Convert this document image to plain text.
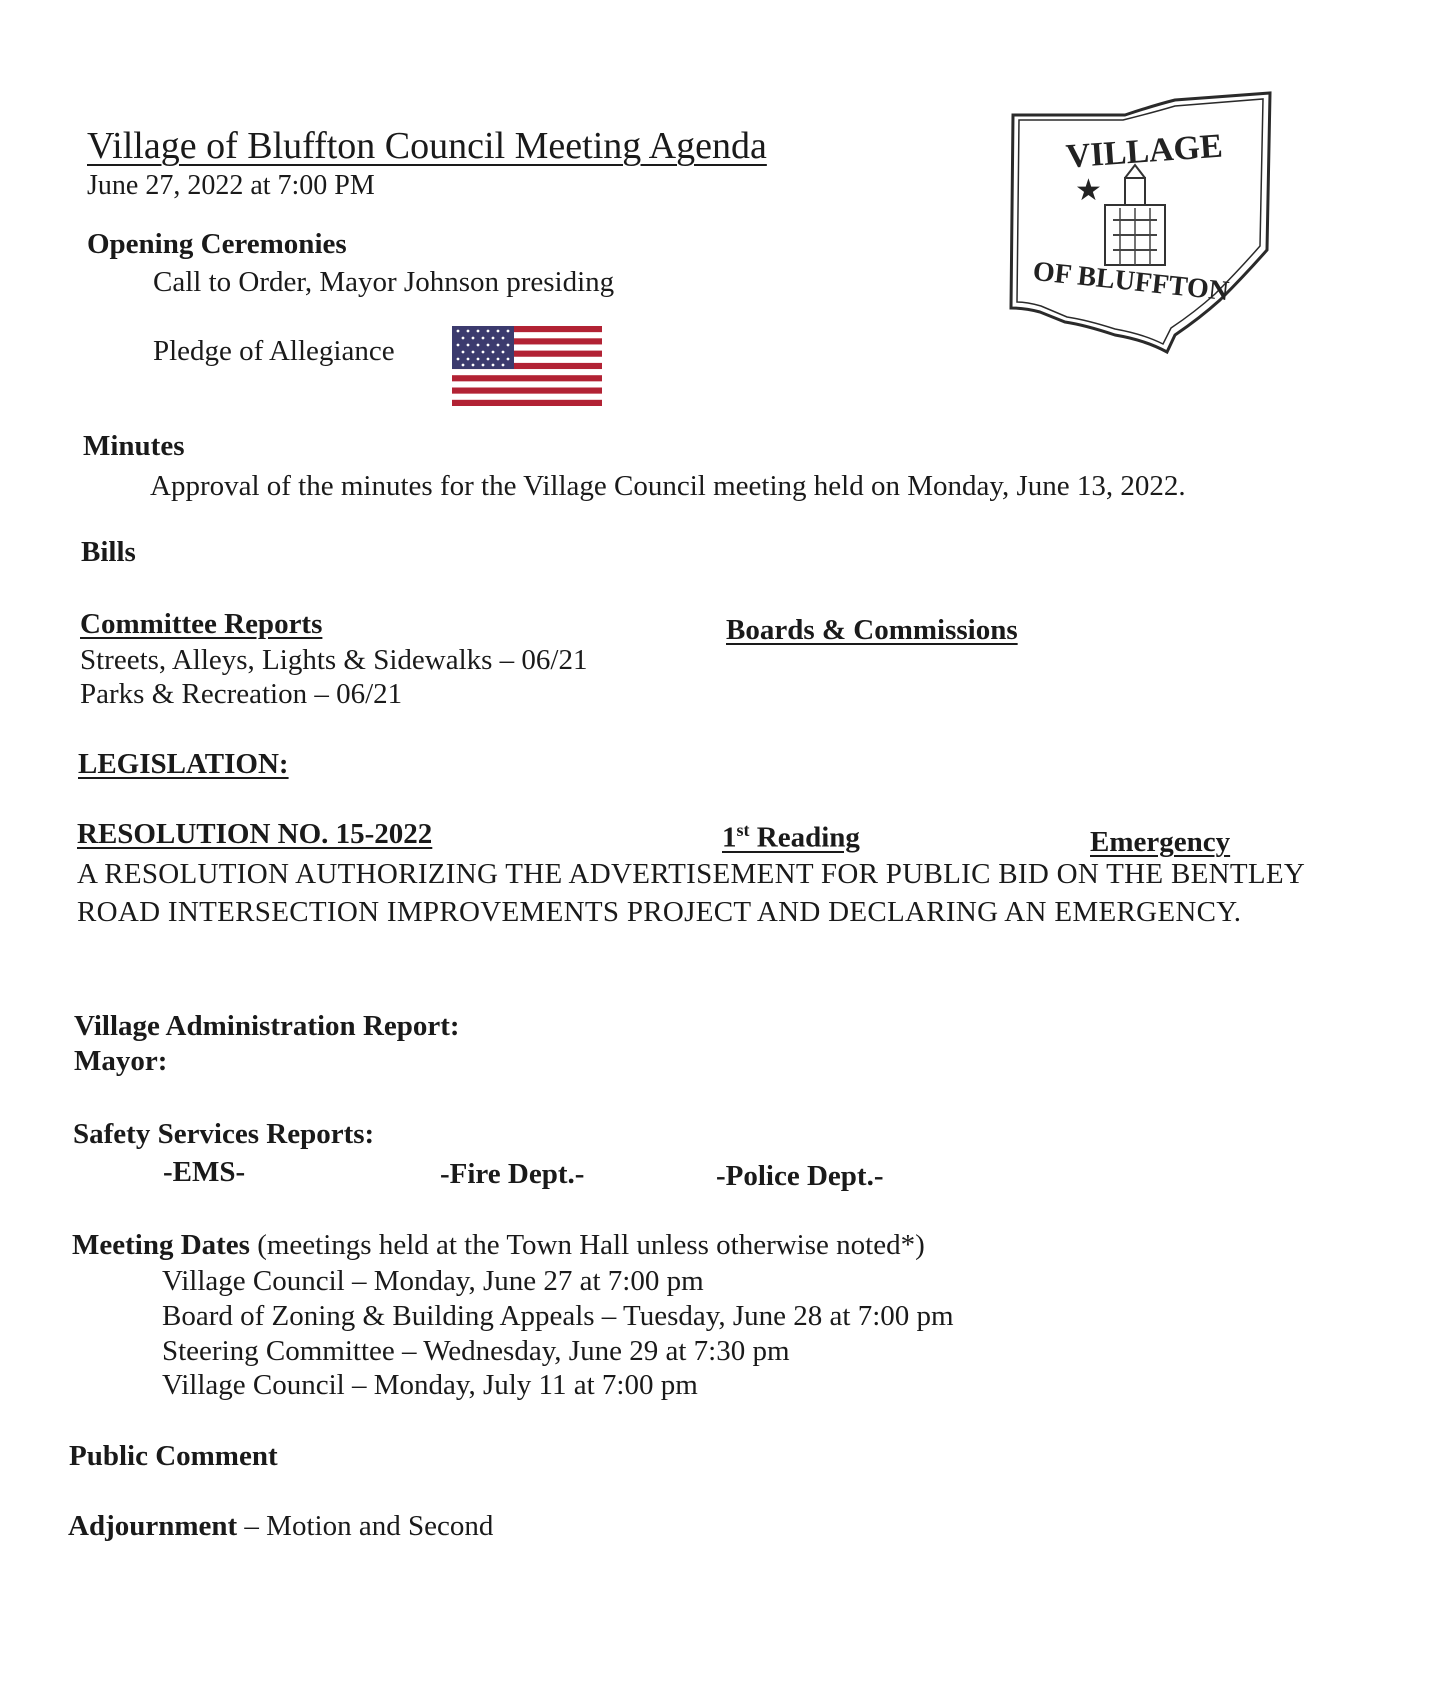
Village of Bluffton Council Meeting Agenda
June 27, 2022 at 7:00 PM
VILLAGE
★
OF BLUFFTON
Opening Ceremonies
Call to Order, Mayor Johnson presiding
Pledge of Allegiance
Minutes
Approval of the minutes for the Village Council meeting held on Monday, June 13, 2022.
Bills
Committee Reports
Streets, Alleys, Lights & Sidewalks – 06/21
Parks & Recreation – 06/21
Boards & Commissions
LEGISLATION:
RESOLUTION NO. 15-2022	1st Reading	Emergency
A RESOLUTION AUTHORIZING THE ADVERTISEMENT FOR PUBLIC BID ON THE BENTLEY
ROAD INTERSECTION IMPROVEMENTS PROJECT AND DECLARING AN EMERGENCY.
Village Administration Report:
Mayor:
Safety Services Reports:
-EMS-	-Fire Dept.-	-Police Dept.-
Meeting Dates (meetings held at the Town Hall unless otherwise noted*)
Village Council – Monday, June 27 at 7:00 pm
Board of Zoning & Building Appeals – Tuesday, June 28 at 7:00 pm
Steering Committee – Wednesday, June 29 at 7:30 pm
Village Council – Monday, July 11 at 7:00 pm
Public Comment
Adjournment – Motion and Second
